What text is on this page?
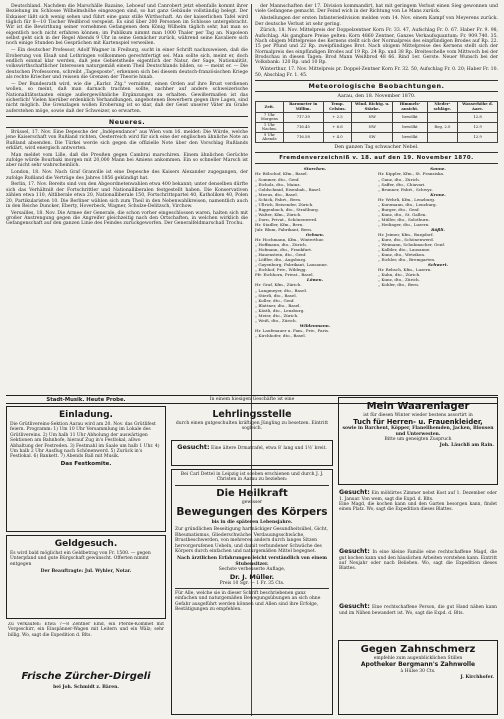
Deutschland. Nachdem die Marschälle Bazaine, Leboeuf und Canrobert jetzt ebenfalls kommt ihrer Beziehung im Schlosse Wilhelmshöhe eingezogen sind, so hat ganz Gebäude vollständig belegt. Der Exkaiser läßt sich wenig sehen und führt eine ganz stille Wirthschaft. An der kaiserlichen Tafel wird täglich für 8—10 Tischer Weißbrod verspeist. Es sind über 200 Personen im Schlosse untergebracht. Wir ist die Bewirthung seiner vornehmen Gefangenen dem König Wilhelm täglich sehr, hat man so eigentlich noch nicht erfahren können; im Publikum nimmt man 1000 Thaler per Tag an. Napoleon selbst geht sich in der Regel Abends 9 Uhr in seine Gemächer zurück, während seine Kavaliere sich noch einige Stunden bei Gesprächen mit Kartenspiel verweilen.

— Ein deutscher Professor, Adolf Wagner in Freiburg, sucht in einer Schrift nachzuweisen, daß die Eroberung von Elsaß und Lothringen vollkommen gerechtfertigt sei. Man sollte sich, meint er, doch endlich einmal klar werden, daß jene Gebietstheile eigentlich der Natur, der Sage, Nationalität, volkswirthschaftlicher Interessen naturgemäß einem Theil Deutschlands bilden, so — meint er. — Die deutschen Professoren, schreibt „Tagesposte", erkennen sich bei diesem deutsch-französischen Kriege als rechte Kriecher und reissen die Grenzen der Theorie hinab.

— Der Bundesrath wird, wie die „Karlsr. Ztg." vernimmt, einen Orden auf ihre Brust verdienen wollen, so meint, daß man darnach trachten sollte, nachher auf andere schweizerische Nationalitätsstaaten einige außergewöhnliche Ergänzungen zu erhalten. Gewißermaßen ist das sicherlich! Vielen hierüber erdenklich Verhandlungen, angebotenen Bewerbern gegen ihre Lagen, sind nicht möglich. Die Grenzlagen wollen Eroberung ist so klar, daß der Geist unserer Väter im Grabe auferstehen möge, sowie daß der Schweizer, so erwarten.

Neueres.

Brüssel, 17. Nov. Eine Depesche der „Indépendance" aus Wien vom 16. meldet: Die Würde, welche jene Kaiserschaft von Rußland richten, Oesterreich wird für sich eine der englischen ähnliche Note an Rußland absenden. Die Türkei werde sich gegen die offizielle Note über den Vorschlag Rußlands erklärt, wird energisch antworten.

Man meldet vom Lille, daß die Preußen gegen Cambrai marschiren. Einem ähnlichen Gerüchte zufolge würde Bourbaki morgen mit 20,000 Mann bei Amiens ankommen. Ein so schneller Marsch ist aber nicht sehr wahrscheinlich.

London, 18. Nov. Nach Graf Granville ist eine Depesche des Kaisers Alexander zugegangen, der zufolge Rußland die Verträge des Jahres 1856 gekündigt hat.

Berlin, 17. Nov. Bereits sind von den Abgeordnetenwahlen etwa 400 bekannt; unter denselben dürfte sich das Verhältniß der Fortschrittler und Nationalliberalen festgestellt haben. Die Konservativen zählen etwa 110, Altliberale etwa 20, Nationalliberale 150, Fortschrittspartei 40, Katholiken 40, Polen 20, Partikularisten 10. Die Berliner wählen sich zum Theil in den Nebenwahlkreisen, namentlich auch in den Reiche Duncker, Eberty, Hoverbeck, Wagner, Schulze-Delitzsch, Virchow.

Versailles, 18. Nov. Die Armee der Generale, die schon vorher eingeschlossen waren, halten sich mit großer Anstrengung gegen die Angreifer gleichzeitig nach den Ortschaften, in welchen wirklich die Gefangenschaft auf den ganzen Linie des Feindes zurückgeworfen. Der Generalfeldmarschall Trochu.

der Mannschaften der 17. Division kommandirt, hat mit geringem Verlust einen Sieg gewonnen und viele Gefangene gemacht. Der Feind wich in der Richtung von Le Mans zurück.

Abstellungen der ersten Infanteriedivision melden vom 14. Nov. einem Kampf von Meyerens zurück. Der deutsche Verlust ist sehr gering.

Zürich, 18. Nov. Mittelpreis der Doppelzentner Korn Fr. 33. 47, Aufschlag Fr. 0. 67. Haber Fr. 9. 98, Aufschlag. Als gangbare Preise gelten: Korn 4860 Zentner, Ganzes Verkaufsquantum: Fr. 909.740. 35. Nach obigem Mittelpreise des Kernens stellt sich der Normalpreis des einpfündigen Brodes auf Rp. 22. 15 per Pfund und 22 Rp. zweipfündiges Brot. Nach obigem Mittelpreise des Kernens stellt sich der Normalpreis des einpfündigen Brodes auf 19 Rp. 24 Rp. und 38 Rp. Breiteschelle vom Mittwoch bei der Brodschau in diesen Tagen: Brod Mann Weißbrod 48 66. Rind 1er. Gerste. Neuer Wunsch bei der Volksbank: 120 Rp. und 10 Rp.

Winterthur, 17. Nov. Mittelpreis pr. Doppel-Zentner Korn Fr. 32. 50, Aufschlag Fr. 0. 20; Haber Fr. 10. 50, Abschlag Fr. 1. 45.

Meteorologische Beobachtungen.
Aarau, den 18. November 1870.
Zeit.	Barometer in Millim.	Temp. Celsius.	Wind. Richtg. u. Stärke.	Himmels-ansicht.	Nieder-schläge.	Wasserhöhe d. Aare.
7 Uhr Morgens	717.39	+ 2.5	NW	bewölkt		12.8
1 Uhr Nachm.	716.45	+ 6.6	NW	bewölkt	Reg. 2.0	12.9
9 Uhr Abends	716.58	+ 4.0	SW	bewölkt		12.9
Den ganzen Tag schwacher Nebel.
Fremdenverzeichniß v. 18. auf den 19. November 1870.
Storchen.
Hr. Bölschof, Kfm., Basel.
„ Sommer, dto., Genf.
„ Eicholz, dto., Mainz.
„ Goldschmid, Eisenbah., Basel.
„ Meeus, dto., Basel.
„ Schick, Fabrt., Bern.
„ Ullrich, Reisender, Zürich.
„ Riggenbach, dto., Straßburg.
„ Walter, Kfm., Zürich.
„ Dorn, Privat., Schönenwerd.
Hr. Stadler, Kfm., Bern.
Julr. Blum, Fabrikant, Bern.
Ochsen.
Hr. Hochmann, Kfm., Winterthur.
„ Hoffmann, dto., Zürich.
„ Hofmann, dto., Frankfurt.
„ Hauenstein, dto., Genf.
„ Löffler, dto., Augsburg.
„ Gayenburg, Fabrikant, Lausanne.
„ Eichhof, Priv., Wildegg.
Pfr. Eichhorn, Privat., Basel.
Löwen.
Hr. Graf, Kfm., Zürich.
„ Langmeyer, dto., Basel.
„ Stierli, dto., Basel.
„ Koller, dto., Genf.
„ Blattner, dto., Basel.
„ Kästli, dto., Lenzburg.
„ Meier, dto., Zürich.
„ Weiß, dto., Zürich.
Wildenmann.
Hr. Laufenauer u. Fam., Priv., Paris.
„ Kirchhofer, dto., Basel.
Sonne.
Hr. Kippler, Kfm., St. Franziska.
„ Ganz, dto., Zürich.
„ Saffer, dto., Chiavari.
„ Brunner, Fabrt., Schwyz.
Krone.
Hr. Wehrli, Kfm., Lenzburg.
„ Kurzmann, dto., Lenzburg.
„ Burger, dto., Genf.
„ Kunz, dto., St. Gallen.
„ Müller, dto., Solothurn.
„ Hedinger, dto., Luzern.
Rößli.
Hr. Jeimer, Kfm., Burgdorf.
„ Kurz, dto., Schönenwerd.
„ Weimann, Schuhmacher, Genf.
„ Kalbler, dto., Lausanne.
„ Kunz, dto., Wetzikon.
„ Eichler, dto., Bremgarten.
Schwert.
Hr. Rebsch, Kfm., Luzern.
„ Kuhn, dto., Zürich.
„ Kunz, dto., Zürich.
„ Kobler, dto., Bern.
Stadt-Musik. Heute Probe.	In einem hiesigen Geschäfte ist eine
Einladung.
Die Grütlivereins-Sektion Aarau wird am 20. Nov. das Grütlifest feiern. Programm: 1) Um 10 Uhr Versammlung im Lokale des Grütlivereins. 2) Um halb 11 Uhr Abholung der auswärtigen Sektionen am Bahnhofe, hierauf Zug in's Festlokal, allwo Abhaltung der Festreden. 3) Festmahl im Saale um halb 1 Uhr. 4) Um halb 2 Uhr Ausflug nach Schönenwerd. 5) Zurück in's Festlokal. 6) Bankett. 7) Abends Ball mit Musik.
Das Festkomite.
Geldgesuch.
Es wird bald möglichst ein Geldbetrag von Fr. 1500. — gegen Unterpfand und gute Bürgschaft gewünscht. Offerten nimmt entgegen
Der Beauftragte: Jul. Wyhler, Notar.
Zu verkaufen: Etwa 7—8 Zentner Emd, ein Pferde-Kommet mit Vorgeschirr, ein Einspänner-Wagen mit Leitern und ein Wälz; sehr billig. Wo, sagt die Expedition d. Blts.
Frische Zürcher-Dirgeli
bei Joh. Schmidt z. Bären.
Lehrlingsstelle
durch einen gutgeschulten kräftigen Jüngling zu besetzen. Eintritt sogleich.
Gesucht: Eine ältere Drmatrafel, etwa 8′ lang und 1½′ breit.
Bei Carl Dettel in Leipzig ist soeben erschienen und durch J. J. Christen in Aarau zu beziehen:
Die Heilkraft
gewisser
Bewegungen des Körpers
bis in die späteren Lebensjahre.
Zur gründlichen Beseitigung hartnäckiger Gesundheitsübel, Gicht, Rheumatismus, Gliederschwäche, Verdauungsschwäche, Brustbeschwerden, von mehreren andern durch langes Sitzen hervorgerufenen Uebeln, und damit verbundener Schwäche des Körpers durch einfachen und naturgemäßen Mittel begegnet.
Nach ärztlichen Erfahrungen leicht verständlich von einem Stubensitzer.
Sechste verbesserte Auflage,
Dr. J. Müller.
Preis 10 Sgr. — 1 Fr. 35 Cts.
Für Alle, welche sie in dieser Schrift beschriebenen ganz einfachen und naturgemäßen Bewegungsübungen an sich ohne Gefahr ausgeführt werden können und Allen sind ihre Erfolge, Bestätigungen zu empfehlen.
Mein Waarenlager
ist für diesen Winter wieder bestens assortirt in
Tuch für Herren- u. Frauenkleider,
sowie in Barchent, Köpper, Flanellhemden, Jacken, Blousen und Unterwesten.
Bitte um geneigten Zuspruch
Joh. Läuchli am Rain.
Gesucht: Ein möblirtes Zimmer nebst Kost auf 1. Dezember oder 1. Januar. Von wem, sagt die Expd. d. Blts.
Eine Magd, die kochen kann und den Garten besorgen kann, findet einen Platz. Wo, sagt die Expedition dieses Blattes.
Gesucht: In eine kleine Familie eine rechtschaffene Magd, die gut kochen kann und den häuslichen Arbeiten vorstehen kann. Eintritt auf Neujahr oder nach Belieben. Wo, sagt die Expedition dieses Blattes.
Gesucht: Eine rechtschaffene Person, die gut Hand nähen kann und im Nähen bewandert ist. Wo, sagt die Expd. d. Blts.
Gegen Zahnschmerz
empfehle zum augenblicklichen Stillen
Apotheker Bergmann's Zahnwolle
à Hülse 30 Cts.
J. Kirchhofer.
